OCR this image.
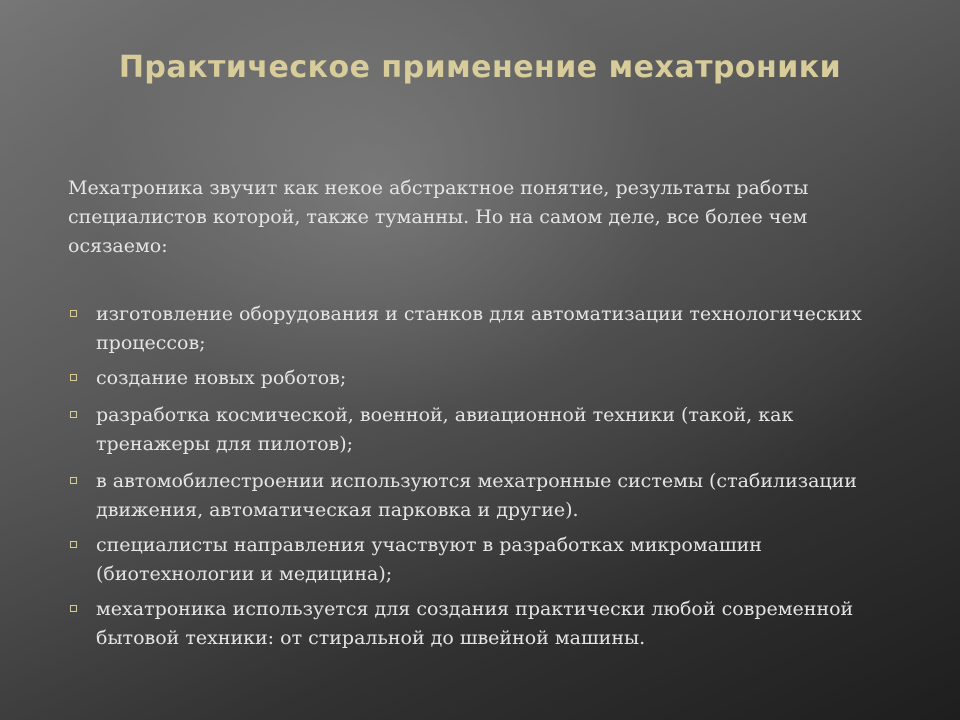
Практическое применение мехатроники

Мехатроника звучит как некое абстрактное понятие, результаты работы специалистов которой, также туманны. Но на самом деле, все более чем осязаемо:

изготовление оборудования и станков для автоматизации технологических процессов;
создание новых роботов;
разработка космической, военной, авиационной техники (такой, как тренажеры для пилотов);
в автомобилестроении используются мехатронные системы (стабилизации движения, автоматическая парковка и другие).
специалисты направления участвуют в разработках микромашин (биотехнологии и медицина);
мехатроника используется для создания практически любой современной бытовой техники: от стиральной до швейной машины.
